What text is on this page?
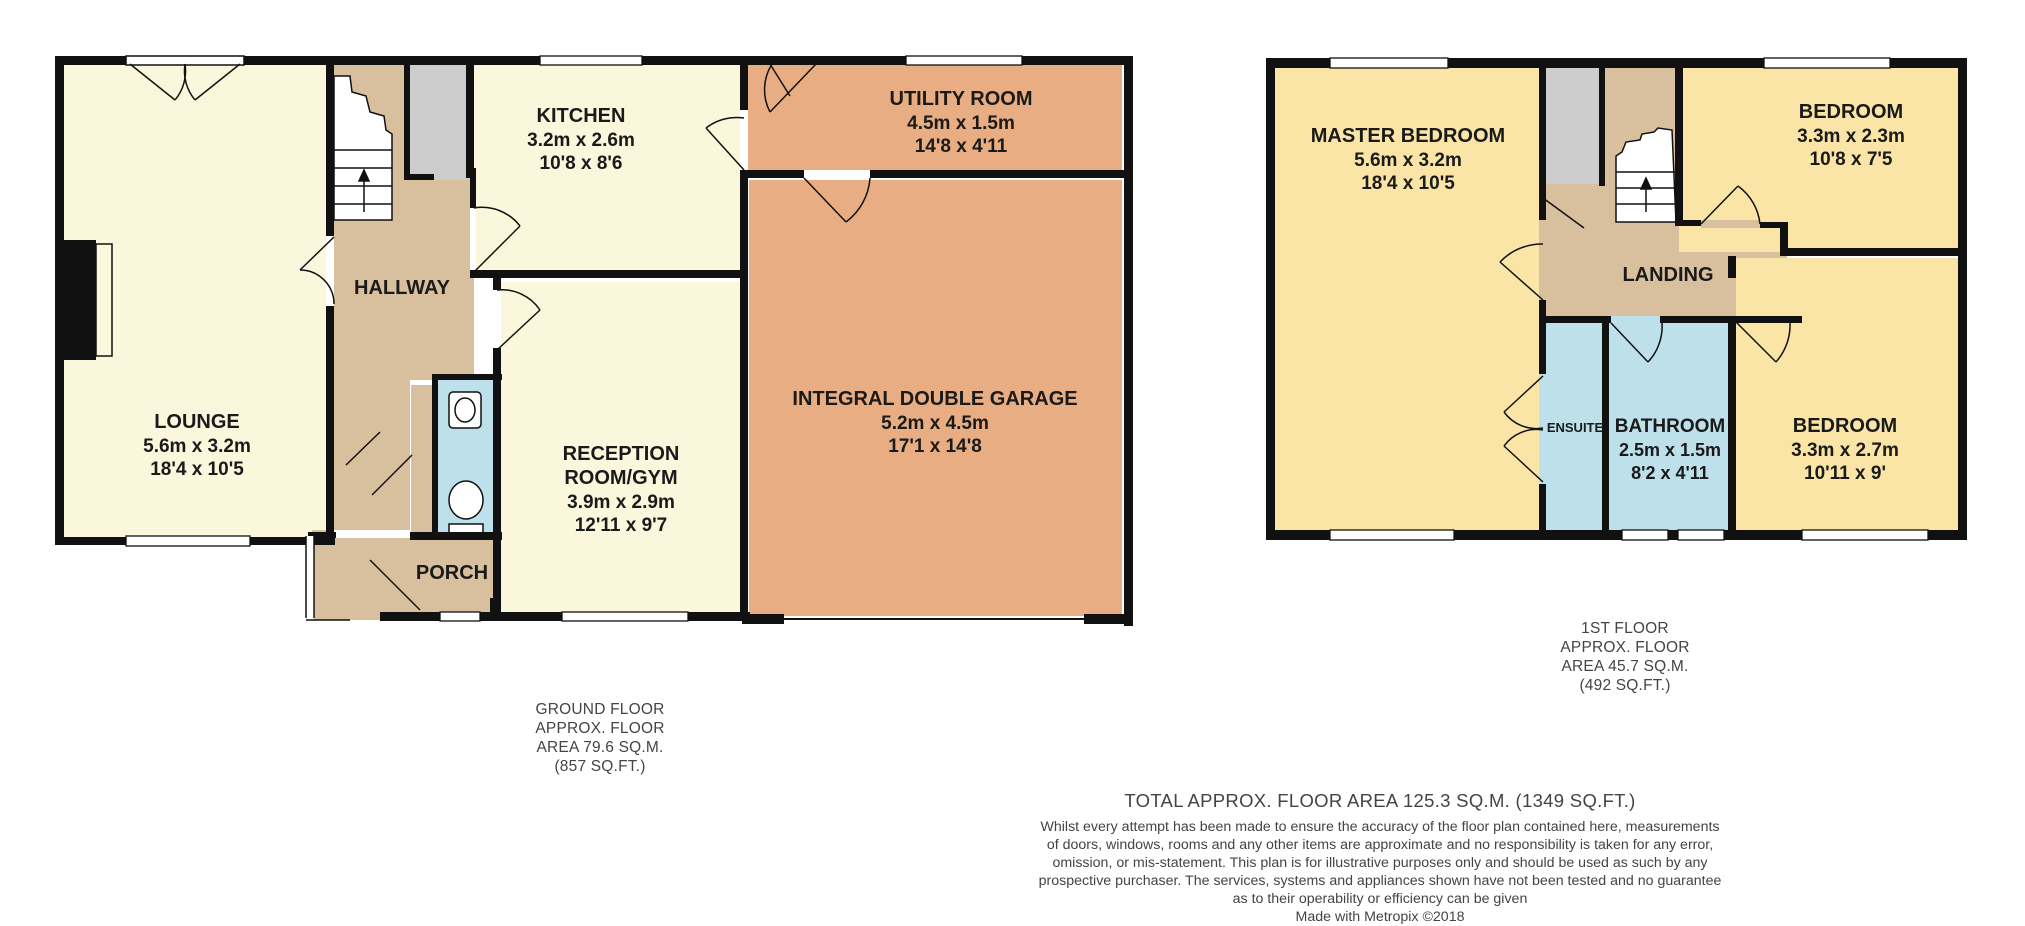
LOUNGE
5.6m x 3.2m
18'4 x 10'5
HALLWAY
KITCHEN
3.2m x 2.6m
10'8 x 8'6
UTILITY ROOM
4.5m x 1.5m
14'8 x 4'11
INTEGRAL DOUBLE GARAGE
5.2m x 4.5m
17'1 x 14'8
RECEPTION
ROOM/GYM
3.9m x 2.9m
12'11 x 9'7
PORCH
MASTER BEDROOM
5.6m x 3.2m
18'4 x 10'5
BEDROOM
3.3m x 2.3m
10'8 x 7'5
LANDING
ENSUITE BATHROOM
2.5m x 1.5m
8'2 x 4'11
BEDROOM
3.3m x 2.7m
10'11 x 9'
GROUND FLOOR
APPROX. FLOOR
AREA 79.6 SQ.M.
(857 SQ.FT.)
1ST FLOOR
APPROX. FLOOR
AREA 45.7 SQ.M.
(492 SQ.FT.)
TOTAL APPROX. FLOOR AREA 125.3 SQ.M. (1349 SQ.FT.)
Whilst every attempt has been made to ensure the accuracy of the floor plan contained here, measurements
of doors, windows, rooms and any other items are approximate and no responsibility is taken for any error,
omission, or mis-statement. This plan is for illustrative purposes only and should be used as such by any
prospective purchaser. The services, systems and appliances shown have not been tested and no guarantee
as to their operability or efficiency can be given
Made with Metropix ©2018
